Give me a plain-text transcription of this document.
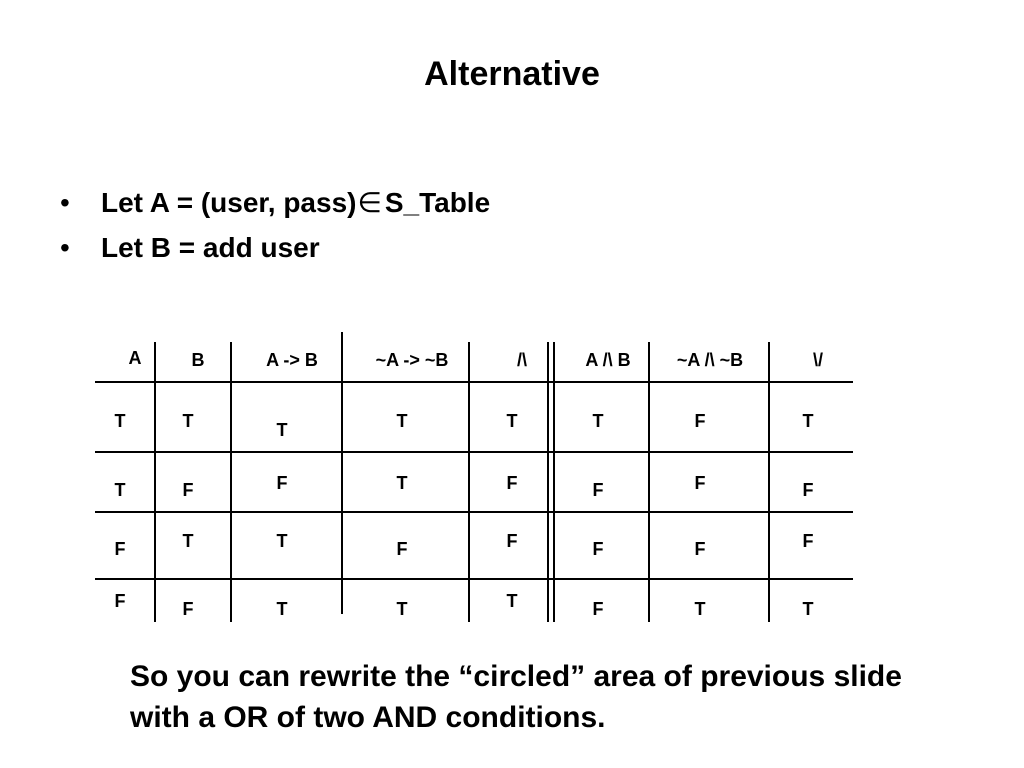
Alternative
• Let A = (user, pass)∈ S_Table
• Let B = add user
A	B	A -> B	~A -> ~B	/\	A /\ B	~A /\ ~B	\/
T	T	T	T	T	T	F	T
T	F	F	T	F	F	F	F
F	T	T	F	F	F	F	F
F	F	T	T	T	F	T	T
So you can rewrite the “circled” area of previous slide with a OR of two AND conditions.
